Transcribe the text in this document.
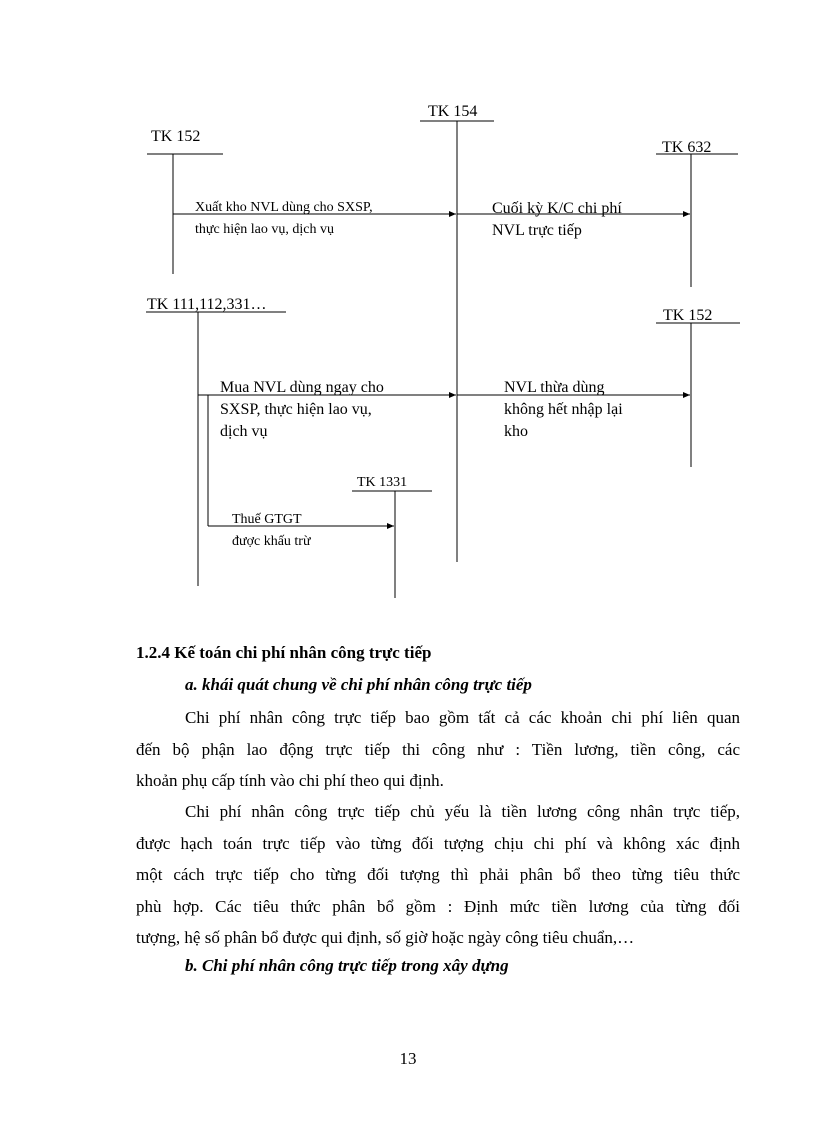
TK 154
TK 152
TK 632
Xuất kho NVL dùng cho SXSP,
thực hiện lao vụ, dịch vụ
Cuối kỳ K/C chi phí
NVL trực tiếp
TK 111,112,331…
TK 152
Mua NVL dùng ngay cho
SXSP, thực hiện lao vụ,
dịch vụ
NVL thừa dùng
không hết nhập lại
kho
TK 1331
Thuế GTGT
được khấu trừ
1.2.4 Kế toán chi phí nhân công trực tiếp
a. khái quát chung về chi phí nhân công trực tiếp
Chi phí nhân công trực tiếp bao gồm tất cả các khoản chi phí liên quan
đến bộ phận lao động trực tiếp thi công như : Tiền lương, tiền công, các
khoản phụ cấp tính vào chi phí theo qui định.
Chi phí nhân công trực tiếp chủ yếu là tiền lương công nhân trực tiếp,
được hạch toán trực tiếp vào từng đối tượng chịu chi phí và không xác định
một cách trực tiếp cho từng đối tượng thì phải phân bổ theo từng tiêu thức
phù hợp. Các tiêu thức phân bổ gồm : Định mức tiền lương của từng đối
tượng, hệ số phân bổ được qui định, số giờ hoặc ngày công tiêu chuẩn,…
b. Chi phí nhân công trực tiếp trong xây dựng
13
